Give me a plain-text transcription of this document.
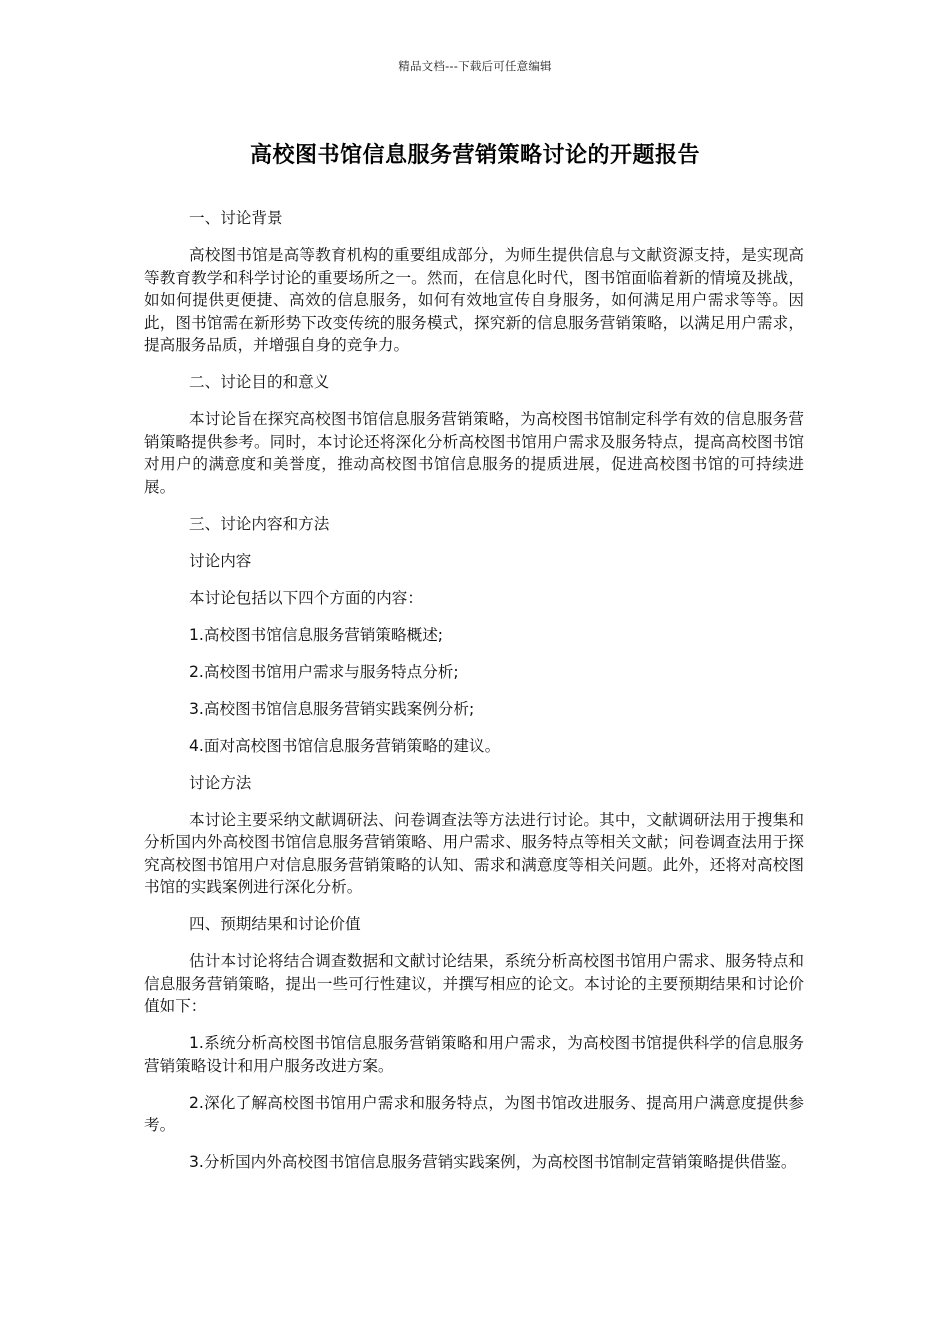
精品文档---下载后可任意编辑
高校图书馆信息服务营销策略讨论的开题报告
一、讨论背景
高校图书馆是高等教育机构的重要组成部分，为师生提供信息与文献资源支持，是实现高等教育教学和科学讨论的重要场所之一。然而，在信息化时代，图书馆面临着新的情境及挑战，如如何提供更便捷、高效的信息服务，如何有效地宣传自身服务，如何满足用户需求等等。因此，图书馆需在新形势下改变传统的服务模式，探究新的信息服务营销策略，以满足用户需求，提高服务品质，并增强自身的竞争力。
二、讨论目的和意义
本讨论旨在探究高校图书馆信息服务营销策略，为高校图书馆制定科学有效的信息服务营销策略提供参考。同时，本讨论还将深化分析高校图书馆用户需求及服务特点，提高高校图书馆对用户的满意度和美誉度，推动高校图书馆信息服务的提质进展，促进高校图书馆的可持续进展。
三、讨论内容和方法
讨论内容
本讨论包括以下四个方面的内容：
1.高校图书馆信息服务营销策略概述;
2.高校图书馆用户需求与服务特点分析;
3.高校图书馆信息服务营销实践案例分析;
4.面对高校图书馆信息服务营销策略的建议。
讨论方法
本讨论主要采纳文献调研法、问卷调查法等方法进行讨论。其中，文献调研法用于搜集和分析国内外高校图书馆信息服务营销策略、用户需求、服务特点等相关文献；问卷调查法用于探究高校图书馆用户对信息服务营销策略的认知、需求和满意度等相关问题。此外，还将对高校图书馆的实践案例进行深化分析。
四、预期结果和讨论价值
估计本讨论将结合调查数据和文献讨论结果，系统分析高校图书馆用户需求、服务特点和信息服务营销策略，提出一些可行性建议，并撰写相应的论文。本讨论的主要预期结果和讨论价值如下：
1.系统分析高校图书馆信息服务营销策略和用户需求，为高校图书馆提供科学的信息服务营销策略设计和用户服务改进方案。
2.深化了解高校图书馆用户需求和服务特点，为图书馆改进服务、提高用户满意度提供参考。
3.分析国内外高校图书馆信息服务营销实践案例，为高校图书馆制定营销策略提供借鉴。
